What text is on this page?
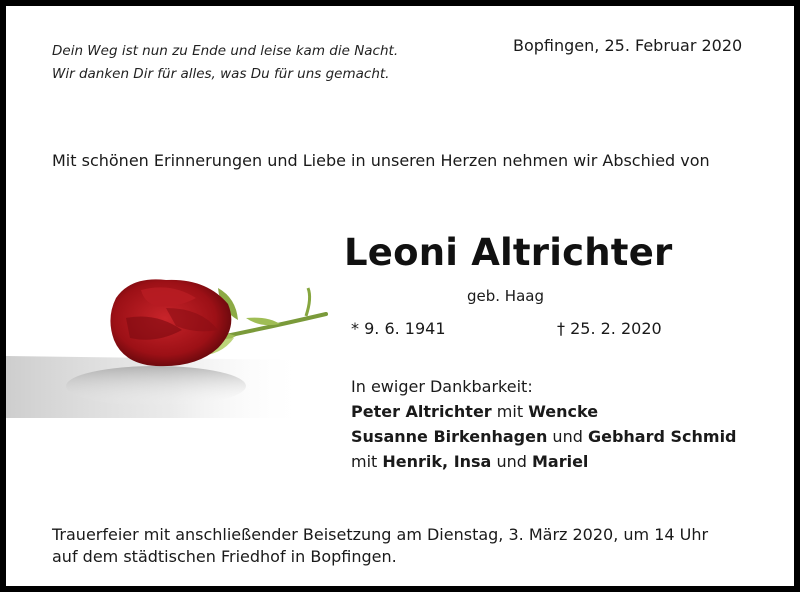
Dein Weg ist nun zu Ende und leise kam die Nacht.
Wir danken Dir für alles, was Du für uns gemacht.
Bopfingen, 25. Februar 2020
Mit schönen Erinnerungen und Liebe in unseren Herzen nehmen wir Abschied von
Leoni Altrichter
geb. Haag
* 9. 6. 1941	† 25. 2. 2020
In ewiger Dankbarkeit:
Peter Altrichter mit Wencke
Susanne Birkenhagen und Gebhard Schmid
mit Henrik, Insa und Mariel
Trauerfeier mit anschließender Beisetzung am Dienstag, 3. März 2020, um 14 Uhr
auf dem städtischen Friedhof in Bopfingen.
